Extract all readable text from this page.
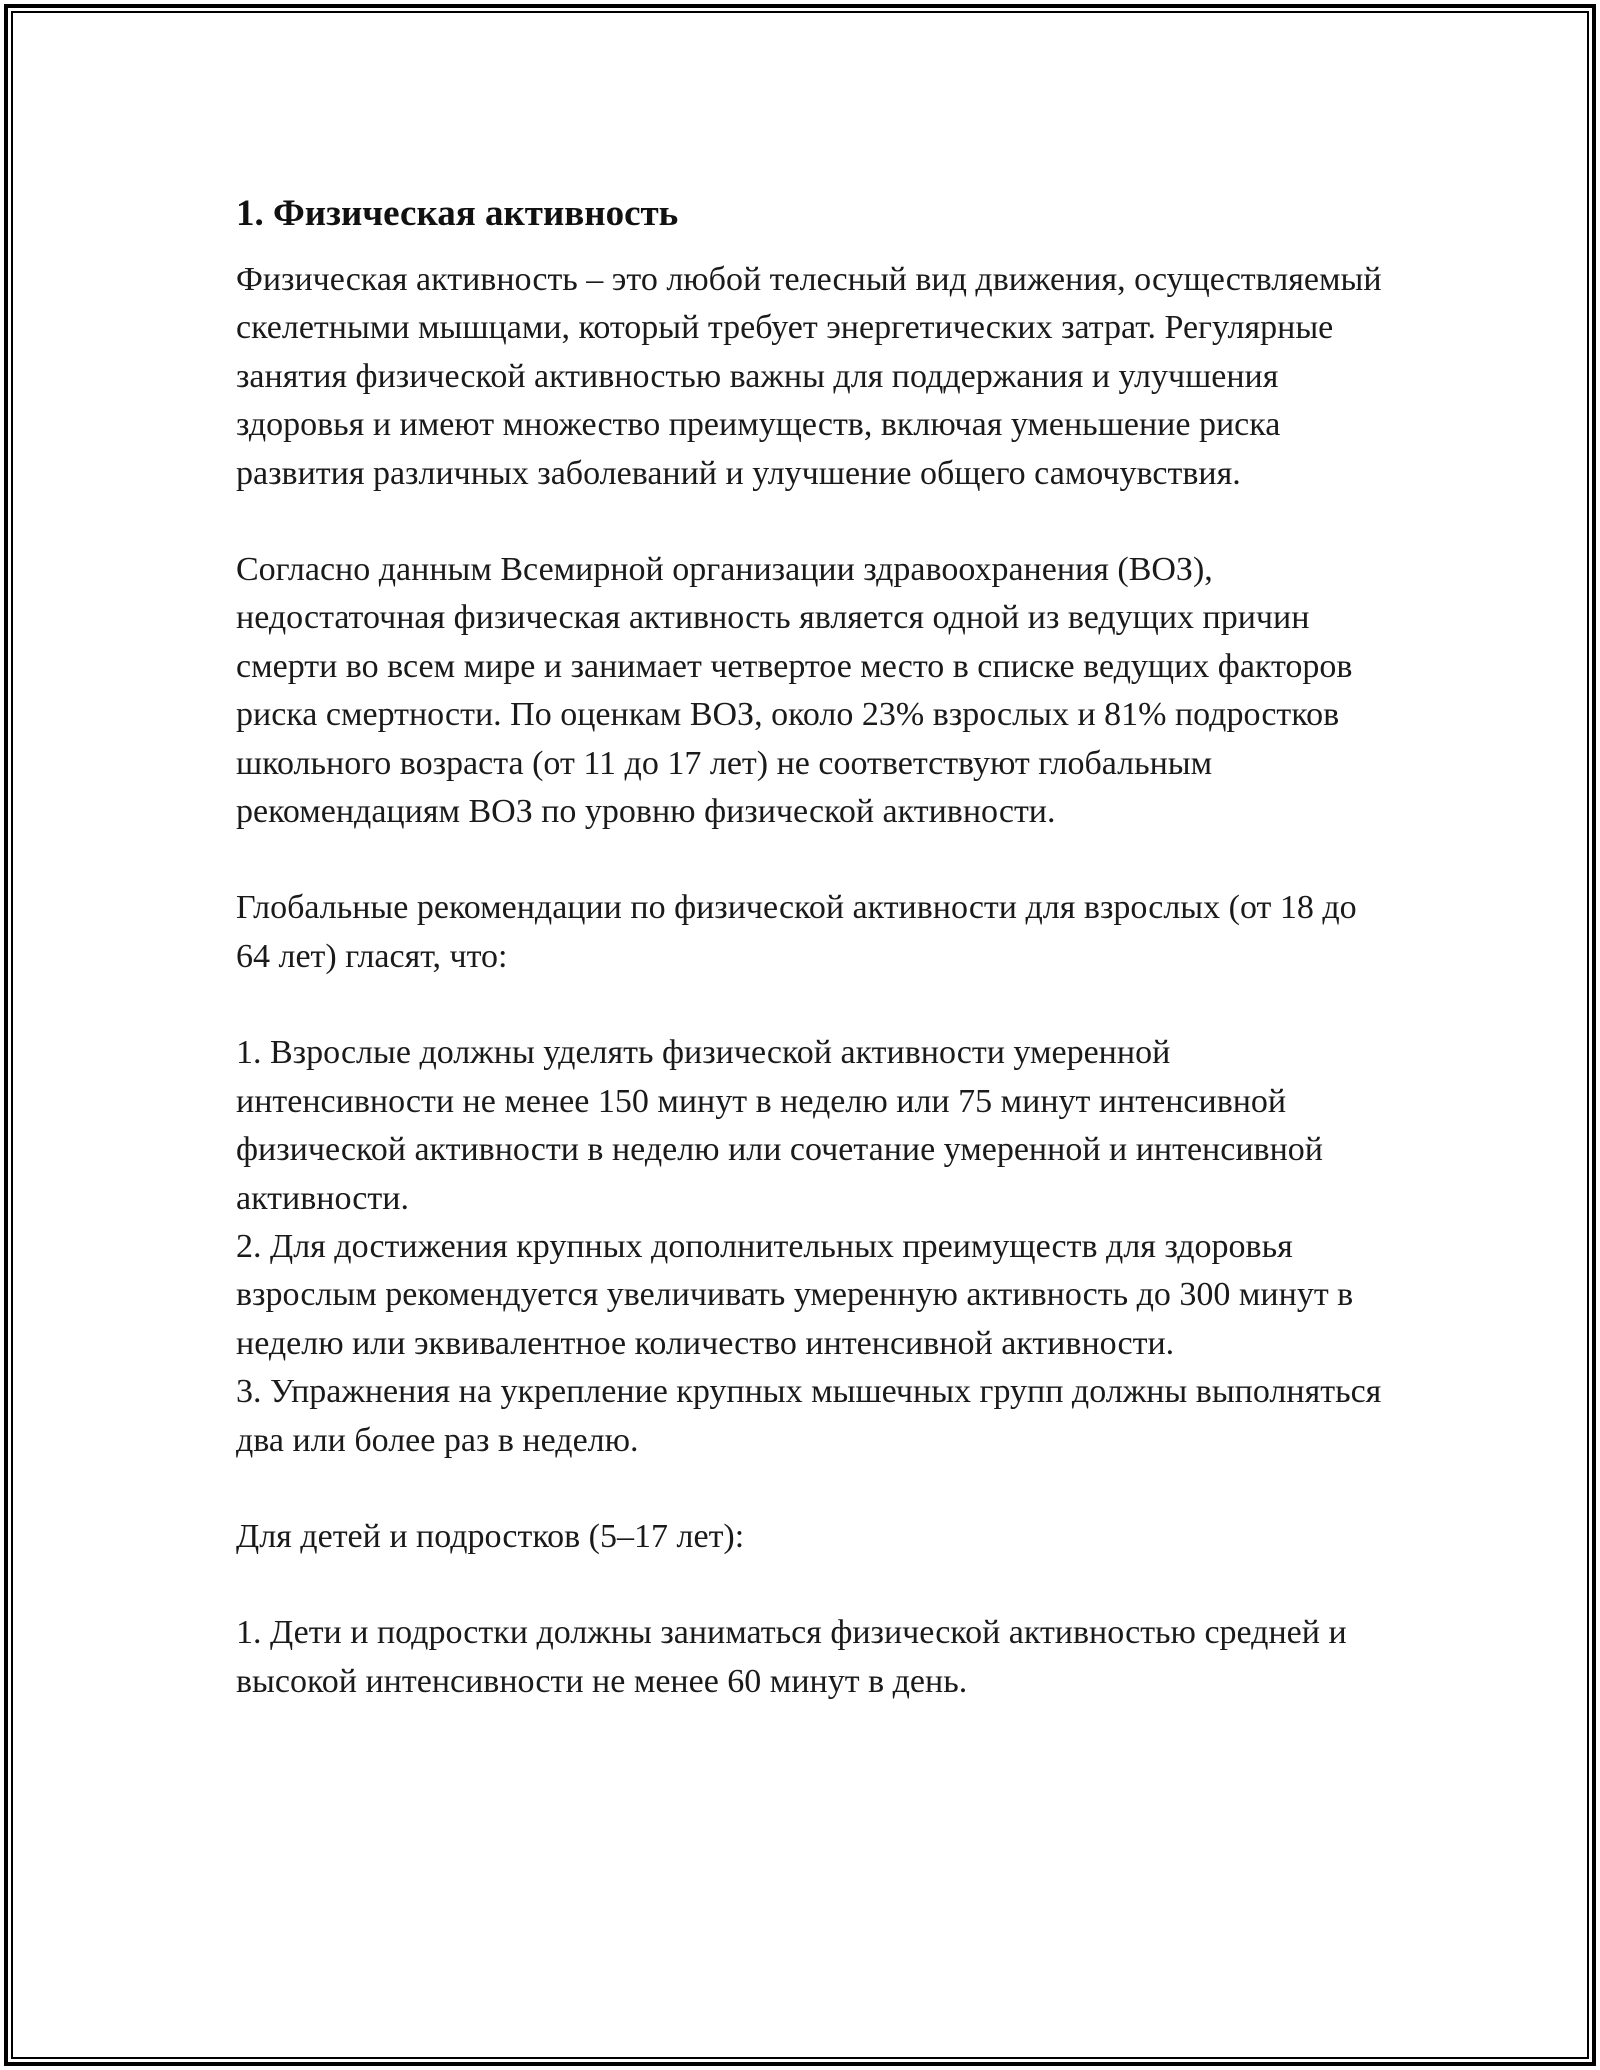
1. Физическая активность

Физическая активность – это любой телесный вид движения, осуществляемый скелетными мышцами, который требует энергетических затрат. Регулярные занятия физической активностью важны для поддержания и улучшения здоровья и имеют множество преимуществ, включая уменьшение риска развития различных заболеваний и улучшение общего самочувствия.

Согласно данным Всемирной организации здравоохранения (ВОЗ), недостаточная физическая активность является одной из ведущих причин смерти во всем мире и занимает четвертое место в списке ведущих факторов риска смертности. По оценкам ВОЗ, около 23% взрослых и 81% подростков школьного возраста (от 11 до 17 лет) не соответствуют глобальным рекомендациям ВОЗ по уровню физической активности.

Глобальные рекомендации по физической активности для взрослых (от 18 до 64 лет) гласят, что:

1. Взрослые должны уделять физической активности умеренной интенсивности не менее 150 минут в неделю или 75 минут интенсивной физической активности в неделю или сочетание умеренной и интенсивной активности.

2. Для достижения крупных дополнительных преимуществ для здоровья взрослым рекомендуется увеличивать умеренную активность до 300 минут в неделю или эквивалентное количество интенсивной активности.

3. Упражнения на укрепление крупных мышечных групп должны выполняться два или более раз в неделю.

Для детей и подростков (5–17 лет):

1. Дети и подростки должны заниматься физической активностью средней и высокой интенсивности не менее 60 минут в день.
